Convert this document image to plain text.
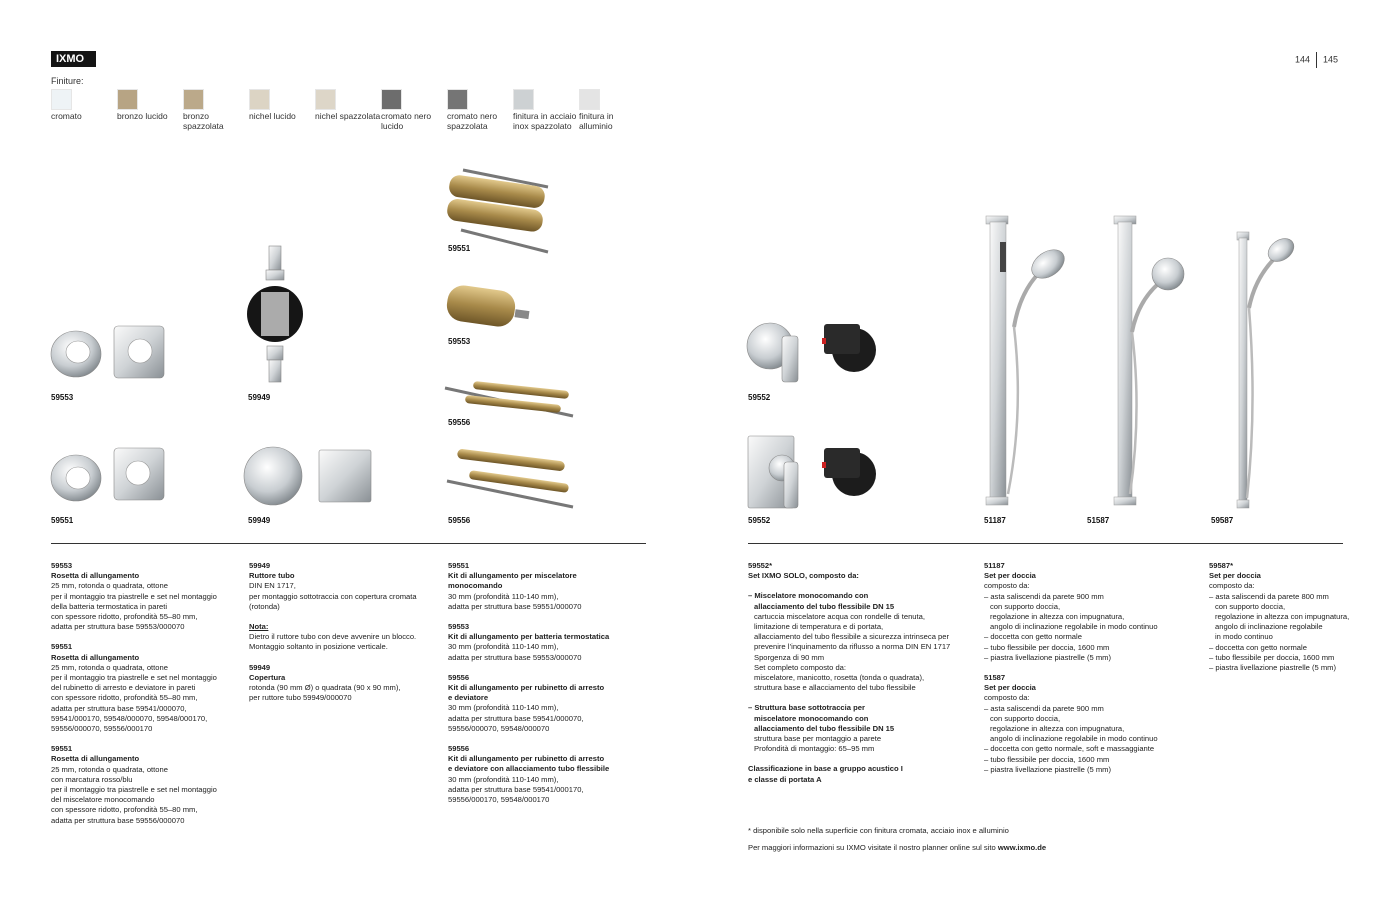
IXMO	144 145
Finiture:
cromato	bronzo lucido	bronzo spazzolata
nichel lucido	nichel spazzolata cromato nero lucido
cromato nero spazzolata
finitura in acciaio inox spazzolato
finitura in alluminio
59553	59949
59551
59553
59556
59551	59949	59556
59552
59552	51187	51587	59587
59553
Rosetta di allungamento
25 mm, rotonda o quadrata, ottone
per il montaggio tra piastrelle e set nel montaggio
della batteria termostatica in pareti
con spessore ridotto, profondità 55–80 mm,
adatta per struttura base 59553/000070
59551
Rosetta di allungamento
25 mm, rotonda o quadrata, ottone
per il montaggio tra piastrelle e set nel montaggio
del rubinetto di arresto e deviatore in pareti
con spessore ridotto, profondità 55–80 mm,
adatta per struttura base 59541/000070,
59541/000170, 59548/000070, 59548/000170,
59556/000070, 59556/000170
59551
Rosetta di allungamento
25 mm, rotonda o quadrata, ottone
con marcatura rosso/blu
per il montaggio tra piastrelle e set nel montaggio
del miscelatore monocomando
con spessore ridotto, profondità 55–80 mm,
adatta per struttura base 59556/000070
59949
Ruttore tubo
DIN EN 1717,
per montaggio sottotraccia con copertura cromata
(rotonda)
Nota:
Dietro il ruttore tubo con deve avvenire un blocco.
Montaggio soltanto in posizione verticale.
59949
Copertura
rotonda (90 mm Ø) o quadrata (90 x 90 mm),
per ruttore tubo 59949/000070
59551
Kit di allungamento per miscelatore
monocomando
30 mm (profondità 110-140 mm),
adatta per struttura base 59551/000070
59553
Kit di allungamento per batteria termostatica
30 mm (profondità 110-140 mm),
adatta per struttura base 59553/000070
59556
Kit di allungamento per rubinetto di arresto
e deviatore
30 mm (profondità 110-140 mm),
adatta per struttura base 59541/000070,
59556/000070, 59548/000070
59556
Kit di allungamento per rubinetto di arresto
e deviatore con allacciamento tubo flessibile
30 mm (profondità 110-140 mm),
adatta per struttura base 59541/000170,
59556/000170, 59548/000170
59552*
Set IXMO SOLO, composto da:
– Miscelatore monocomando con
allacciamento del tubo flessibile DN 15
cartuccia miscelatore acqua con rondelle di tenuta,
limitazione di temperatura e di portata,
allacciamento del tubo flessibile a sicurezza intrinseca per
prevenire l’inquinamento da riflusso a norma DIN EN 1717
Sporgenza di 90 mm
Set completo composto da:
miscelatore, manicotto, rosetta (tonda o quadrata),
struttura base e allacciamento del tubo flessibile
– Struttura base sottotraccia per
miscelatore monocomando con
allacciamento del tubo flessibile DN 15
struttura base per montaggio a parete
Profondità di montaggio: 65–95 mm
Classificazione in base a gruppo acustico I
e classe di portata A
51187
Set per doccia
composto da:
– asta saliscendi da parete 900 mm
con supporto doccia,
regolazione in altezza con impugnatura,
angolo di inclinazione regolabile in modo continuo
– doccetta con getto normale
– tubo flessibile per doccia, 1600 mm
– piastra livellazione piastrelle (5 mm)
51587
Set per doccia
composto da:
– asta saliscendi da parete 900 mm
con supporto doccia,
regolazione in altezza con impugnatura,
angolo di inclinazione regolabile in modo continuo
– doccetta con getto normale, soft e massaggiante
– tubo flessibile per doccia, 1600 mm
– piastra livellazione piastrelle (5 mm)
59587*
Set per doccia
composto da:
– asta saliscendi da parete 800 mm
con supporto doccia,
regolazione in altezza con impugnatura,
angolo di inclinazione regolabile
in modo continuo
– doccetta con getto normale
– tubo flessibile per doccia, 1600 mm
– piastra livellazione piastrelle (5 mm)
* disponibile solo nella superficie con finitura cromata, acciaio inox e alluminio
Per maggiori informazioni su IXMO visitate il nostro planner online sul sito www.ixmo.de
